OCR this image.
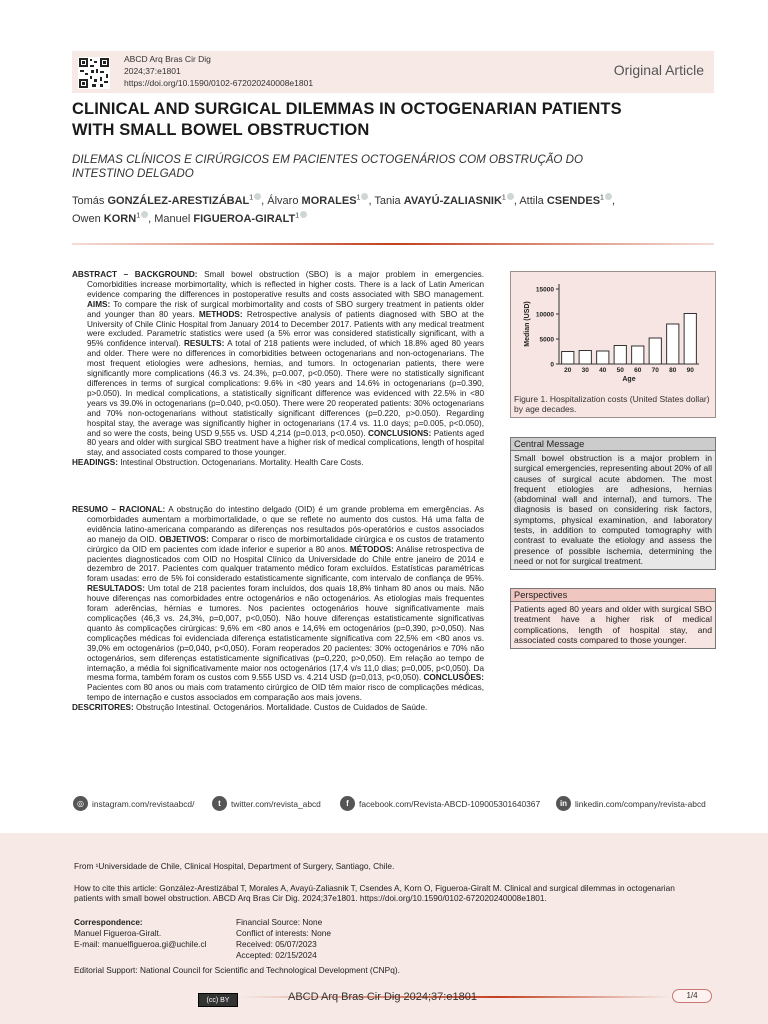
ABCD Arq Bras Cir Dig
2024;37:e1801
https://doi.org/10.1590/0102-672020240008e1801
Original Article
CLINICAL AND SURGICAL DILEMMAS IN OCTOGENARIAN PATIENTS
WITH SMALL BOWEL OBSTRUCTION
DILEMAS CLÍNICOS E CIRÚRGICOS EM PACIENTES OCTOGENÁRIOS COM OBSTRUÇÃO DO
INTESTINO DELGADO
Tomás GONZÁLEZ-ARESTIZÁBAL$^1$ , Álvaro MORALES$^1$ , Tania AVAYÚ-ZALIASNIK$^1$ , Attila CSENDES$^1$ ,
Owen KORN$^1$ , Manuel FIGUEROA-GIRALT$^1$

ABSTRACT – BACKGROUND: Small bowel obstruction (SBO) is a major problem in emergencies. Comorbidities increase morbimortality, which is reflected in higher costs. There is a lack of Latin American evidence comparing the differences in postoperative results and costs associated with SBO management. AIMS: To compare the risk of surgical morbimortality and costs of SBO surgery treatment in patients older and younger than 80 years. METHODS: Retrospective analysis of patients diagnosed with SBO at the University of Chile Clinic Hospital from January 2014 to December 2017. Patients with any medical treatment were excluded. Parametric statistics were used (a 5% error was considered statistically significant, with a 95% confidence interval). RESULTS: A total of 218 patients were included, of which 18.8% aged 80 years and older. There were no differences in comorbidities between octogenarians and non-octogenarians. The most frequent etiologies were adhesions, hernias, and tumors. In octogenarian patients, there were significantly more complications (46.3 vs. 24.3%, p=0.007, p<0.050). There were no statistically significant differences in terms of surgical complications: 9.6% in <80 years and 14.6% in octogenarians (p=0.390, p>0.050). In medical complications, a statistically significant difference was evidenced with 22.5% in <80 years vs 39.0% in octogenarians (p=0.040, p<0.050). There were 20 reoperated patients: 30% octogenarians and 70% non-octogenarians without statistically significant differences (p=0.220, p>0.050). Regarding hospital stay, the average was significantly higher in octogenarians (17.4 vs. 11.0 days; p=0.005, p<0.050), and so were the costs, being USD 9,555 vs. USD 4,214 (p=0.013, p<0.050). CONCLUSIONS: Patients aged 80 years and older with surgical SBO treatment have a higher risk of medical complications, length of hospital stay, and associated costs compared to those younger.

HEADINGS: Intestinal Obstruction. Octogenarians. Mortality. Health Care Costs.

RESUMO – RACIONAL: A obstrução do intestino delgado (OID) é um grande problema em emergências. As comorbidades aumentam a morbimortalidade, o que se reflete no aumento dos custos. Há uma falta de evidência latino-americana comparando as diferenças nos resultados pós-operatórios e custos associados ao manejo da OID. OBJETIVOS: Comparar o risco de morbimortalidade cirúrgica e os custos de tratamento cirúrgico da OID em pacientes com idade inferior e superior a 80 anos. MÉTODOS: Análise retrospectiva de pacientes diagnosticados com OID no Hospital Clínico da Universidade do Chile entre janeiro de 2014 e dezembro de 2017. Pacientes com qualquer tratamento médico foram excluídos. Estatísticas paramétricas foram usadas: erro de 5% foi considerado estatisticamente significante, com intervalo de confiança de 95%. RESULTADOS: Um total de 218 pacientes foram incluídos, dos quais 18,8% tinham 80 anos ou mais. Não houve diferenças nas comorbidades entre octogenários e não octogenários. As etiologias mais frequentes foram aderências, hérnias e tumores. Nos pacientes octogenários houve significativamente mais complicações (46,3 vs. 24,3%, p=0,007, p<0,050). Não houve diferenças estatisticamente significativas quanto às complicações cirúrgicas: 9,6% em <80 anos e 14,6% em octogenários (p=0,390, p>0,050). Nas complicações médicas foi evidenciada diferença estatisticamente significativa com 22,5% em <80 anos vs. 39,0% em octogenários (p=0,040, p<0,050). Foram reoperados 20 pacientes: 30% octogenários e 70% não octogenários, sem diferenças estatisticamente significativas (p=0,220, p>0,050). Em relação ao tempo de internação, a média foi significativamente maior nos octogenários (17,4 v/s 11,0 dias; p=0,005, p<0,050). Da mesma forma, também foram os custos com 9.555 USD vs. 4.214 USD (p=0,013, p<0,050). CONCLUSÕES: Pacientes com 80 anos ou mais com tratamento cirúrgico de OID têm maior risco de complicações médicas, tempo de internação e custos associados em comparação aos mais jovens.

DESCRITORES: Obstrução Intestinal. Octogenários. Mortalidade. Custos de Cuidados de Saúde.

0
5000
10000
15000
20 30 40 50 60 70 80 90
Age
Median (USD)
Figure 1. Hospitalization costs (United States dollar) by age decades.
Central Message
Small bowel obstruction is a major problem in surgical emergencies, representing about 20% of all causes of surgical acute abdomen. The most frequent etiologies are adhesions, hernias (abdominal wall and internal), and tumors. The diagnosis is based on considering risk factors, symptoms, physical examination, and laboratory tests, in addition to computed tomography with contrast to evaluate the etiology and assess the presence of possible ischemia, determining the need or not for surgical treatment.
Perspectives
Patients aged 80 years and older with surgical SBO treatment have a higher risk of medical complications, length of hospital stay, and associated costs compared to those younger.
◎ instagram.com/revistaabcd/	t	twitter.com/revista_abcd	f	facebook.com/Revista-ABCD-109005301640367	in linkedin.com/company/revista-abcd
From ¹Universidade de Chile, Clinical Hospital, Department of Surgery, Santiago, Chile.
How to cite this article: González-Arestizábal T, Morales A, Avayú-Zaliasnik T, Csendes A, Korn O, Figueroa-Giralt M. Clinical and surgical dilemmas in octogenarian
patients with small bowel obstruction. ABCD Arq Bras Cir Dig. 2024;37e1801. https://doi.org/10.1590/0102-672020240008e1801.
Correspondence:
Manuel Figueroa-Giralt.
E-mail: manuelfigueroa.gi@uchile.cl
Financial Source: None
Conflict of interests: None
Received: 05/07/2023
Accepted: 02/15/2024
Editorial Support: National Council for Scientific and Technological Development (CNPq).
(cc) BY	ABCD Arq Bras Cir Dig 2024;37:e1801	1/4
